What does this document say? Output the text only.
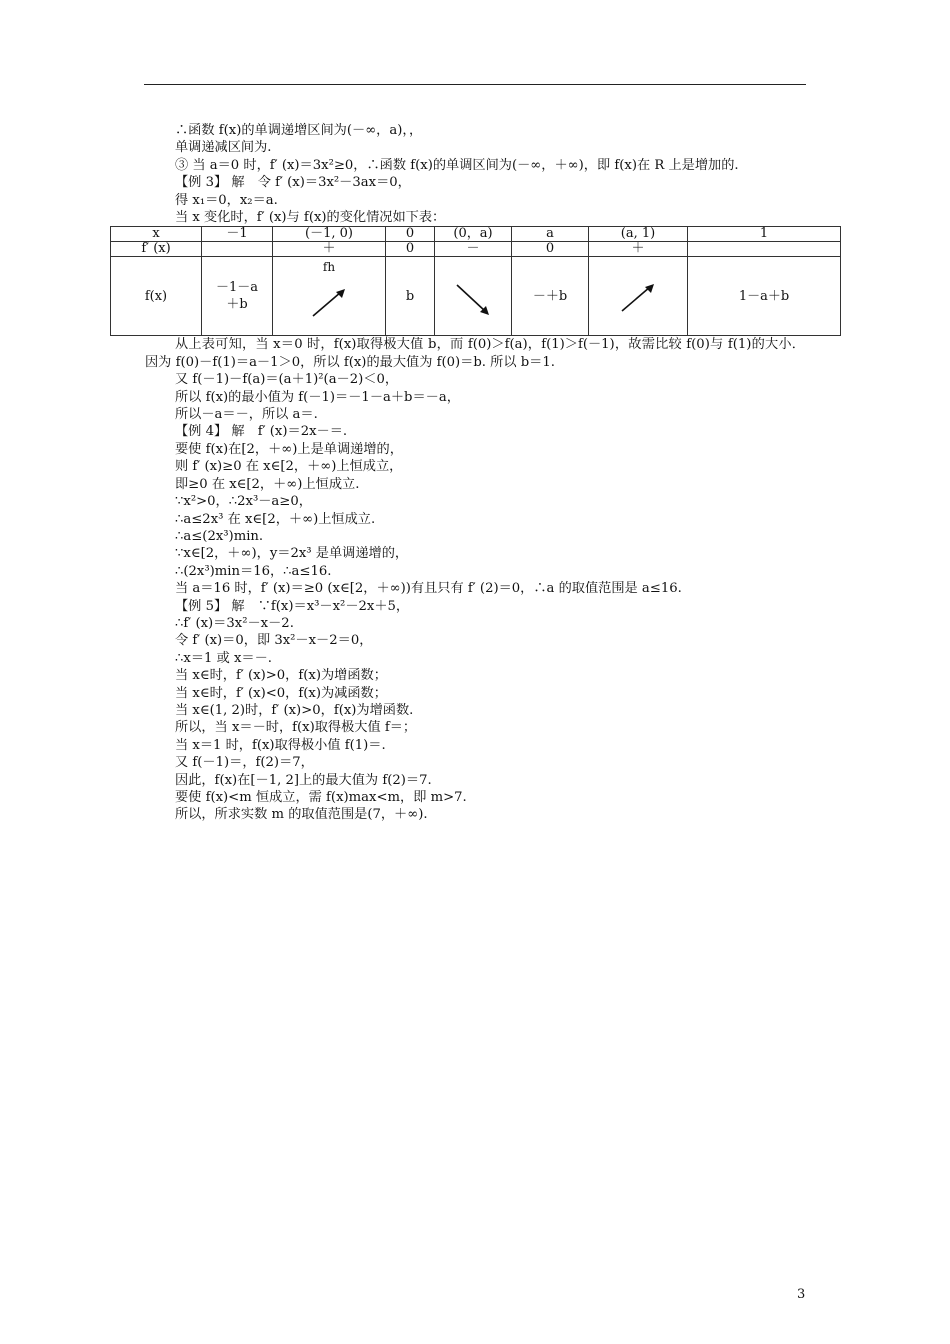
∴函数 f(x)的单调递增区间为(－∞，a)，，
单调递减区间为.
③ 当 a＝0 时，f′ (x)＝3x²≥0，∴函数 f(x)的单调区间为(－∞，＋∞)，即 f(x)在 R 上是增加的.
【例 3】 解　令 f′ (x)＝3x²－3ax＝0，
得 x₁＝0，x₂＝a.
当 x 变化时，f′ (x)与 f(x)的变化情况如下表：
x	－1	(－1, 0)	0	(0，a)	a	(a, 1)	1
f′ (x)		＋	0	－	0	＋	
f(x)	－1－a＋b	fh	b		－＋b		1－a＋b
从上表可知，当 x＝0 时，f(x)取得极大值 b，而 f(0)＞f(a)，f(1)＞f(－1)，故需比较 f(0)与 f(1)的大小．因为 f(0)－f(1)＝a－1＞0，所以 f(x)的最大值为 f(0)＝b. 所以 b＝1.
又 f(－1)－f(a)＝(a＋1)²(a－2)＜0，
所以 f(x)的最小值为 f(－1)＝－1－a＋b＝－a，
所以－a＝－，所以 a＝.
【例 4】 解　f′ (x)＝2x－＝.
要使 f(x)在[2，＋∞)上是单调递增的，
则 f′ (x)≥0 在 x∈[2，＋∞)上恒成立，
即≥0 在 x∈[2，＋∞)上恒成立.
∵x²>0，∴2x³－a≥0，
∴a≤2x³ 在 x∈[2，＋∞)上恒成立.
∴a≤(2x³)min.
∵x∈[2，＋∞)，y＝2x³ 是单调递增的，
∴(2x³)min＝16，∴a≤16.
当 a＝16 时，f′ (x)＝≥0 (x∈[2，＋∞))有且只有 f′ (2)＝0，∴a 的取值范围是 a≤16.
【例 5】 解　∵f(x)＝x³－x²－2x＋5，
∴f′ (x)＝3x²－x－2.
令 f′ (x)＝0，即 3x²－x－2＝0，
∴x＝1 或 x＝－.
当 x∈时，f′ (x)>0，f(x)为增函数；
当 x∈时，f′ (x)<0，f(x)为减函数；
当 x∈(1, 2)时，f′ (x)>0，f(x)为增函数.
所以，当 x＝－时，f(x)取得极大值 f＝；
当 x＝1 时，f(x)取得极小值 f(1)＝.
又 f(－1)＝，f(2)＝7，
因此，f(x)在[－1, 2]上的最大值为 f(2)＝7.
要使 f(x)<m 恒成立，需 f(x)max<m，即 m>7.
所以，所求实数 m 的取值范围是(7，＋∞).
3
